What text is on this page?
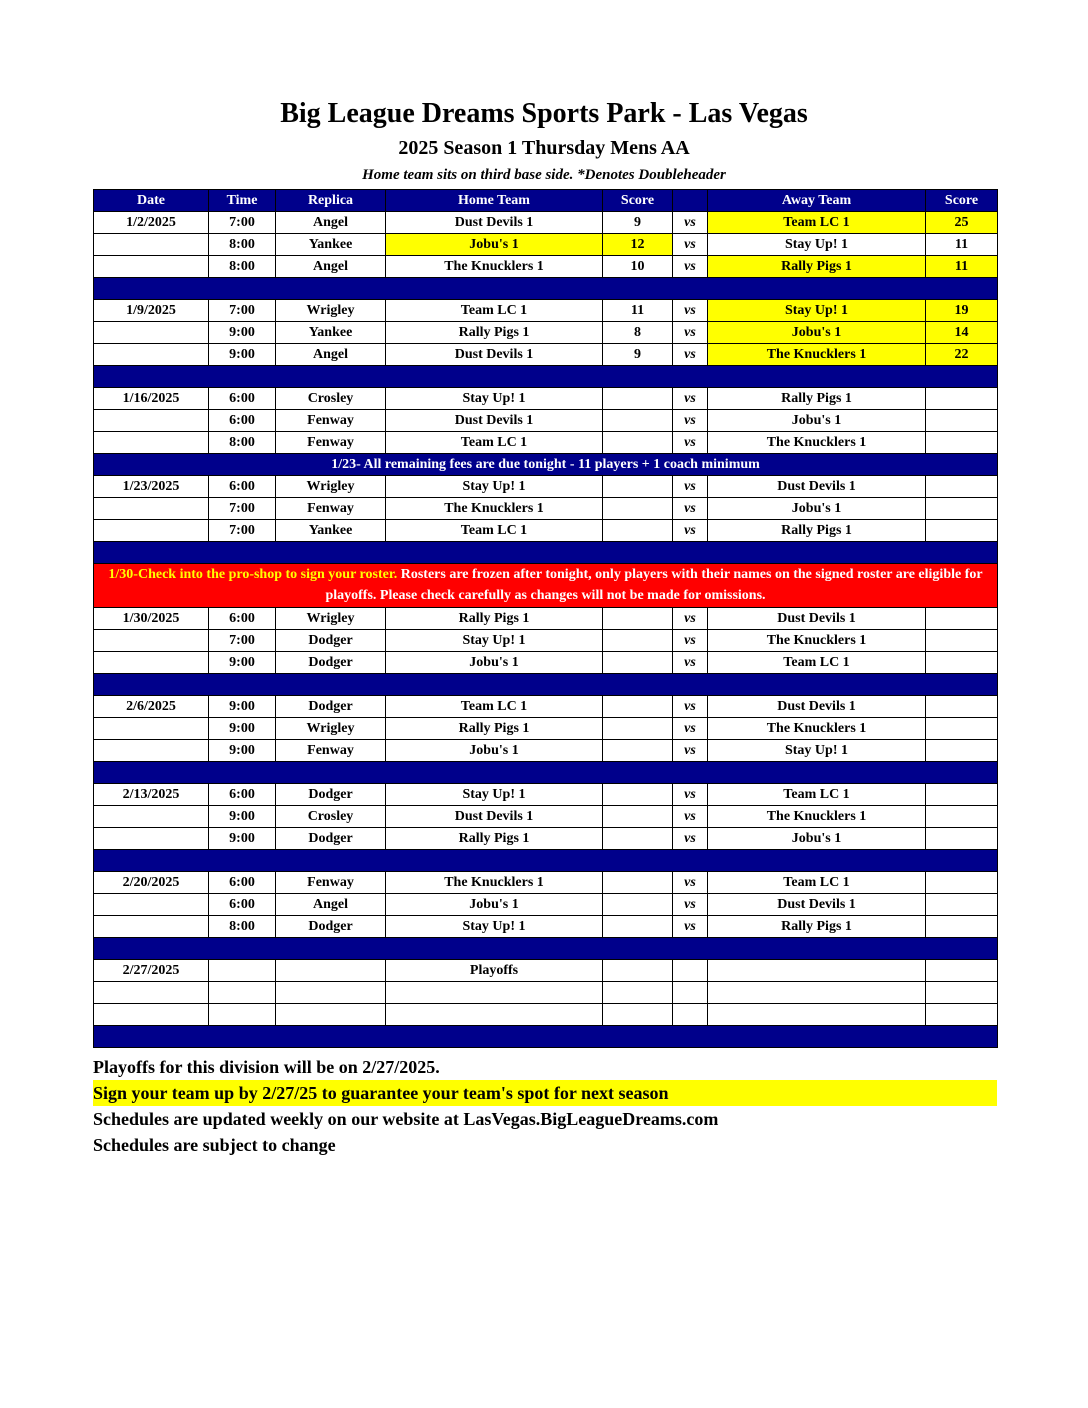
Big League Dreams Sports Park - Las Vegas
2025 Season 1 Thursday Mens AA
Home team sits on third base side. *Denotes Doubleheader
Date	Time	Replica	Home Team	Score		Away Team	Score
1/2/2025	7:00	Angel	Dust Devils 1	9	vs	Team LC 1	25
	8:00	Yankee	Jobu's 1	12	vs	Stay Up! 1	11
	8:00	Angel	The Knucklers 1	10	vs	Rally Pigs 1	11

1/9/2025	7:00	Wrigley	Team LC 1	11	vs	Stay Up! 1	19
	9:00	Yankee	Rally Pigs 1	8	vs	Jobu's 1	14
	9:00	Angel	Dust Devils 1	9	vs	The Knucklers 1	22

1/16/2025	6:00	Crosley	Stay Up! 1		vs	Rally Pigs 1	
	6:00	Fenway	Dust Devils 1		vs	Jobu's 1	
	8:00	Fenway	Team LC 1		vs	The Knucklers 1	
1/23- All remaining fees are due tonight - 11 players + 1 coach minimum							
1/23/2025	6:00	Wrigley	Stay Up! 1		vs	Dust Devils 1	
	7:00	Fenway	The Knucklers 1		vs	Jobu's 1	
	7:00	Yankee	Team LC 1		vs	Rally Pigs 1	

1/30-Check into the pro-shop to sign your roster. Rosters are frozen after tonight, only players with their names on the signed roster are eligible for playoffs. Please check carefully as changes will not be made for omissions.							
1/30/2025	6:00	Wrigley	Rally Pigs 1		vs	Dust Devils 1	
	7:00	Dodger	Stay Up! 1		vs	The Knucklers 1	
	9:00	Dodger	Jobu's 1		vs	Team LC 1	

2/6/2025	9:00	Dodger	Team LC 1		vs	Dust Devils 1	
	9:00	Wrigley	Rally Pigs 1		vs	The Knucklers 1	
	9:00	Fenway	Jobu's 1		vs	Stay Up! 1	

2/13/2025	6:00	Dodger	Stay Up! 1		vs	Team LC 1	
	9:00	Crosley	Dust Devils 1		vs	The Knucklers 1	
	9:00	Dodger	Rally Pigs 1		vs	Jobu's 1	

2/20/2025	6:00	Fenway	The Knucklers 1		vs	Team LC 1	
	6:00	Angel	Jobu's 1		vs	Dust Devils 1	
	8:00	Dodger	Stay Up! 1		vs	Rally Pigs 1	

2/27/2025			Playoffs				

Playoffs for this division will be on 2/27/2025.

Sign your team up by 2/27/25 to guarantee your team's spot for next season

Schedules are updated weekly on our website at LasVegas.BigLeagueDreams.com

Schedules are subject to change
